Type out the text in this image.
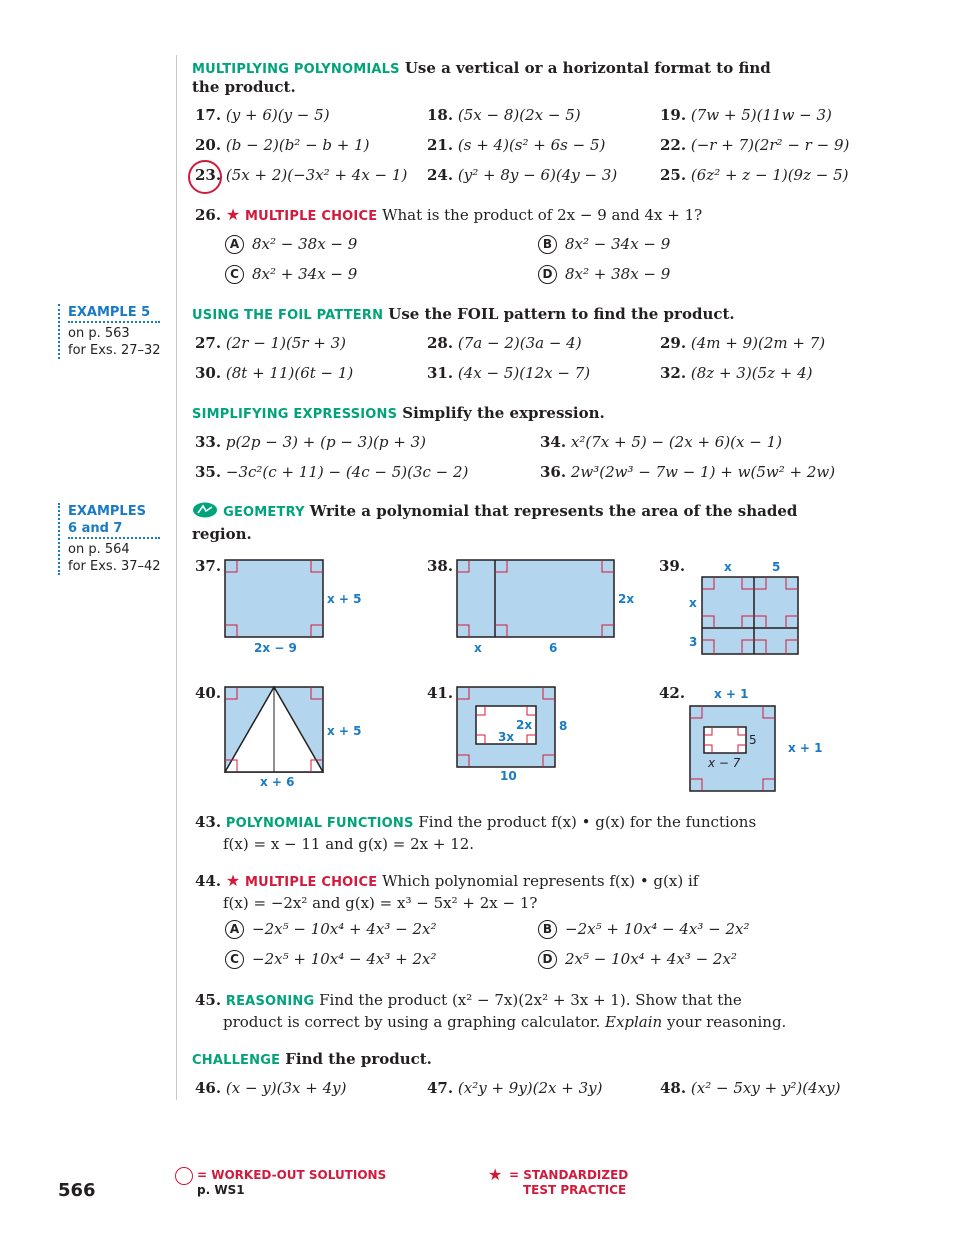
MULTIPLYING POLYNOMIALS Use a vertical or a horizontal format to find
the product.
17. (y + 6)(y − 5)	18. (5x − 8)(2x − 5)	19. (7w + 5)(11w − 3)
20. (b − 2)(b² − b + 1)	21. (s + 4)(s² + 6s − 5)	22. (−r + 7)(2r² − r − 9)
23. (5x + 2)(−3x² + 4x − 1) 24. (y² + 8y − 6)(4y − 3)	25. (6z² + z − 1)(9z − 5)
26. ★ MULTIPLE CHOICE What is the product of 2x − 9 and 4x + 1?
A 8x² − 38x − 9	B 8x² − 34x − 9
C 8x² + 34x − 9	D 8x² + 38x − 9
EXAMPLE 5
on p. 563
for Exs. 27–32
USING THE FOIL PATTERN Use the FOIL pattern to find the product.
27. (2r − 1)(5r + 3)	28. (7a − 2)(3a − 4)	29. (4m + 9)(2m + 7)
30. (8t + 11)(6t − 1)	31. (4x − 5)(12x − 7)	32. (8z + 3)(5z + 4)
SIMPLIFYING EXPRESSIONS Simplify the expression.
33. p(2p − 3) + (p − 3)(p + 3)	34. x²(7x + 5) − (2x + 6)(x − 1)
35. −3c²(c + 11) − (4c − 5)(3c − 2)	36. 2w³(2w³ − 7w − 1) + w(5w² + 2w)
EXAMPLES
6 and 7
on p. 564
for Exs. 37–42
GEOMETRY Write a polynomial that represents the area of the shaded
region.
37.
x + 5
2x − 9
38.
2x
x	6
39.	x	5
x
3
40.
x + 5
x + 6
41.
2x
3x
8
10
42. x + 1
x + 1
5
x − 7
43. POLYNOMIAL FUNCTIONS Find the product f(x) • g(x) for the functions
f(x) = x − 11 and g(x) = 2x + 12.
44. ★ MULTIPLE CHOICE Which polynomial represents f(x) • g(x) if
f(x) = −2x² and g(x) = x³ − 5x² + 2x − 1?
A −2x⁵ − 10x⁴ + 4x³ − 2x²	B −2x⁵ + 10x⁴ − 4x³ − 2x²
C −2x⁵ + 10x⁴ − 4x³ + 2x²	D 2x⁵ − 10x⁴ + 4x³ − 2x²
45. REASONING Find the product (x² − 7x)(2x² + 3x + 1). Show that the
product is correct by using a graphing calculator. Explain your reasoning.
CHALLENGE Find the product.
46. (x − y)(3x + 4y)	47. (x²y + 9y)(2x + 3y)	48. (x² − 5xy + y²)(4xy)
566
= WORKED-OUT SOLUTIONS
p. WS1
★ = STANDARDIZED
TEST PRACTICE
